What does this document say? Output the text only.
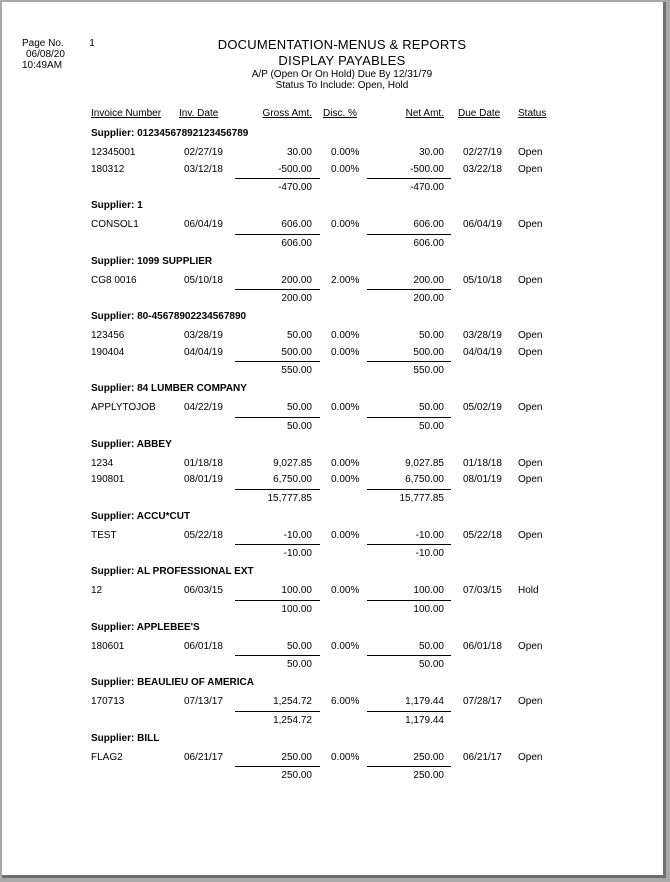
Page No.	1
06/08/20
10:49AM
DOCUMENTATION-MENUS & REPORTS
DISPLAY PAYABLES
A/P (Open Or On Hold) Due By 12/31/79
Status To Include: Open, Hold
Invoice Number Inv. Date	Gross Amt. Disc. %	Net Amt. Due Date Status
Supplier: 01234567892123456789
12345001	02/27/19	30.00 0.00%	30.00 02/27/19 Open
180312	03/12/18	-500.00 0.00%	-500.00 03/22/18 Open
-470.00	-470.00
Supplier: 1
CONSOL1	06/04/19	606.00 0.00%	606.00 06/04/19 Open
606.00	606.00
Supplier: 1099 SUPPLIER
CG8 0016	05/10/18	200.00 2.00%	200.00 05/10/18 Open
200.00	200.00
Supplier: 80-45678902234567890
123456	03/28/19	50.00 0.00%	50.00 03/28/19 Open
190404	04/04/19	500.00 0.00%	500.00 04/04/19 Open
550.00	550.00
Supplier: 84 LUMBER COMPANY
APPLYTOJOB	04/22/19	50.00 0.00%	50.00 05/02/19 Open
50.00	50.00
Supplier: ABBEY
1234	01/18/18	9,027.85 0.00%	9,027.85 01/18/18 Open
190801	08/01/19	6,750.00 0.00%	6,750.00 08/01/19 Open
15,777.85	15,777.85
Supplier: ACCU*CUT
TEST	05/22/18	-10.00 0.00%	-10.00 05/22/18 Open
-10.00	-10.00
Supplier: AL PROFESSIONAL EXT
12	06/03/15	100.00 0.00%	100.00 07/03/15 Hold
100.00	100.00
Supplier: APPLEBEE'S
180601	06/01/18	50.00 0.00%	50.00 06/01/18 Open
50.00	50.00
Supplier: BEAULIEU OF AMERICA
170713	07/13/17	1,254.72 6.00%	1,179.44 07/28/17 Open
1,254.72	1,179.44
Supplier: BILL
FLAG2	06/21/17	250.00 0.00%	250.00 06/21/17 Open
250.00	250.00
